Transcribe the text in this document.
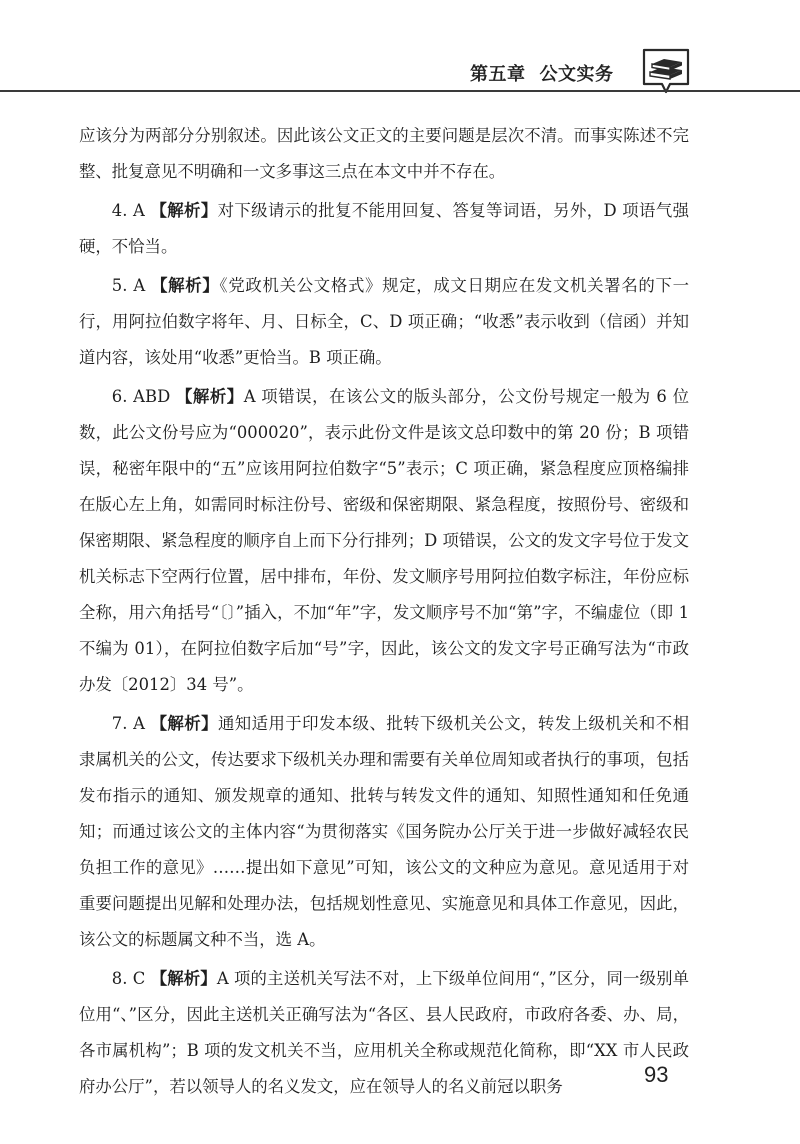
第五章 公文实务

应该分为两部分分别叙述。因此该公文正文的主要问题是层次不清。而事实陈述不完整、批复意见不明确和一文多事这三点在本文中并不存在。

4. A 【解析】对下级请示的批复不能用回复、答复等词语，另外，D 项语气强硬，不恰当。

5. A 【解析】《党政机关公文格式》规定，成文日期应在发文机关署名的下一行，用阿拉伯数字将年、月、日标全，C、D 项正确；“收悉”表示收到（信函）并知道内容，该处用“收悉”更恰当。B 项正确。

6. ABD 【解析】A 项错误，在该公文的版头部分，公文份号规定一般为 6 位数，此公文份号应为“000020”，表示此份文件是该文总印数中的第 20 份；B 项错误，秘密年限中的“五”应该用阿拉伯数字“5”表示；C 项正确，紧急程度应顶格编排在版心左上角，如需同时标注份号、密级和保密期限、紧急程度，按照份号、密级和保密期限、紧急程度的顺序自上而下分行排列；D 项错误，公文的发文字号位于发文机关标志下空两行位置，居中排布，年份、发文顺序号用阿拉伯数字标注，年份应标全称，用六角括号“〔〕”插入，不加“年”字，发文顺序号不加“第”字，不编虚位（即 1 不编为 01），在阿拉伯数字后加“号”字，因此，该公文的发文字号正确写法为“市政办发〔2012〕34 号”。

7. A 【解析】通知适用于印发本级、批转下级机关公文，转发上级机关和不相隶属机关的公文，传达要求下级机关办理和需要有关单位周知或者执行的事项，包括发布指示的通知、颁发规章的通知、批转与转发文件的通知、知照性通知和任免通知；而通过该公文的主体内容“为贯彻落实《国务院办公厅关于进一步做好减轻农民负担工作的意见》……提出如下意见”可知，该公文的文种应为意见。意见适用于对重要问题提出见解和处理办法，包括规划性意见、实施意见和具体工作意见，因此，该公文的标题属文种不当，选 A。

8. C 【解析】A 项的主送机关写法不对，上下级单位间用“，”区分，同一级别单位用“、”区分，因此主送机关正确写法为“各区、县人民政府，市政府各委、办、局，各市属机构”；B 项的发文机关不当，应用机关全称或规范化简称，即“XX 市人民政府办公厅”，若以领导人的名义发文，应在领导人的名义前冠以职务	93
